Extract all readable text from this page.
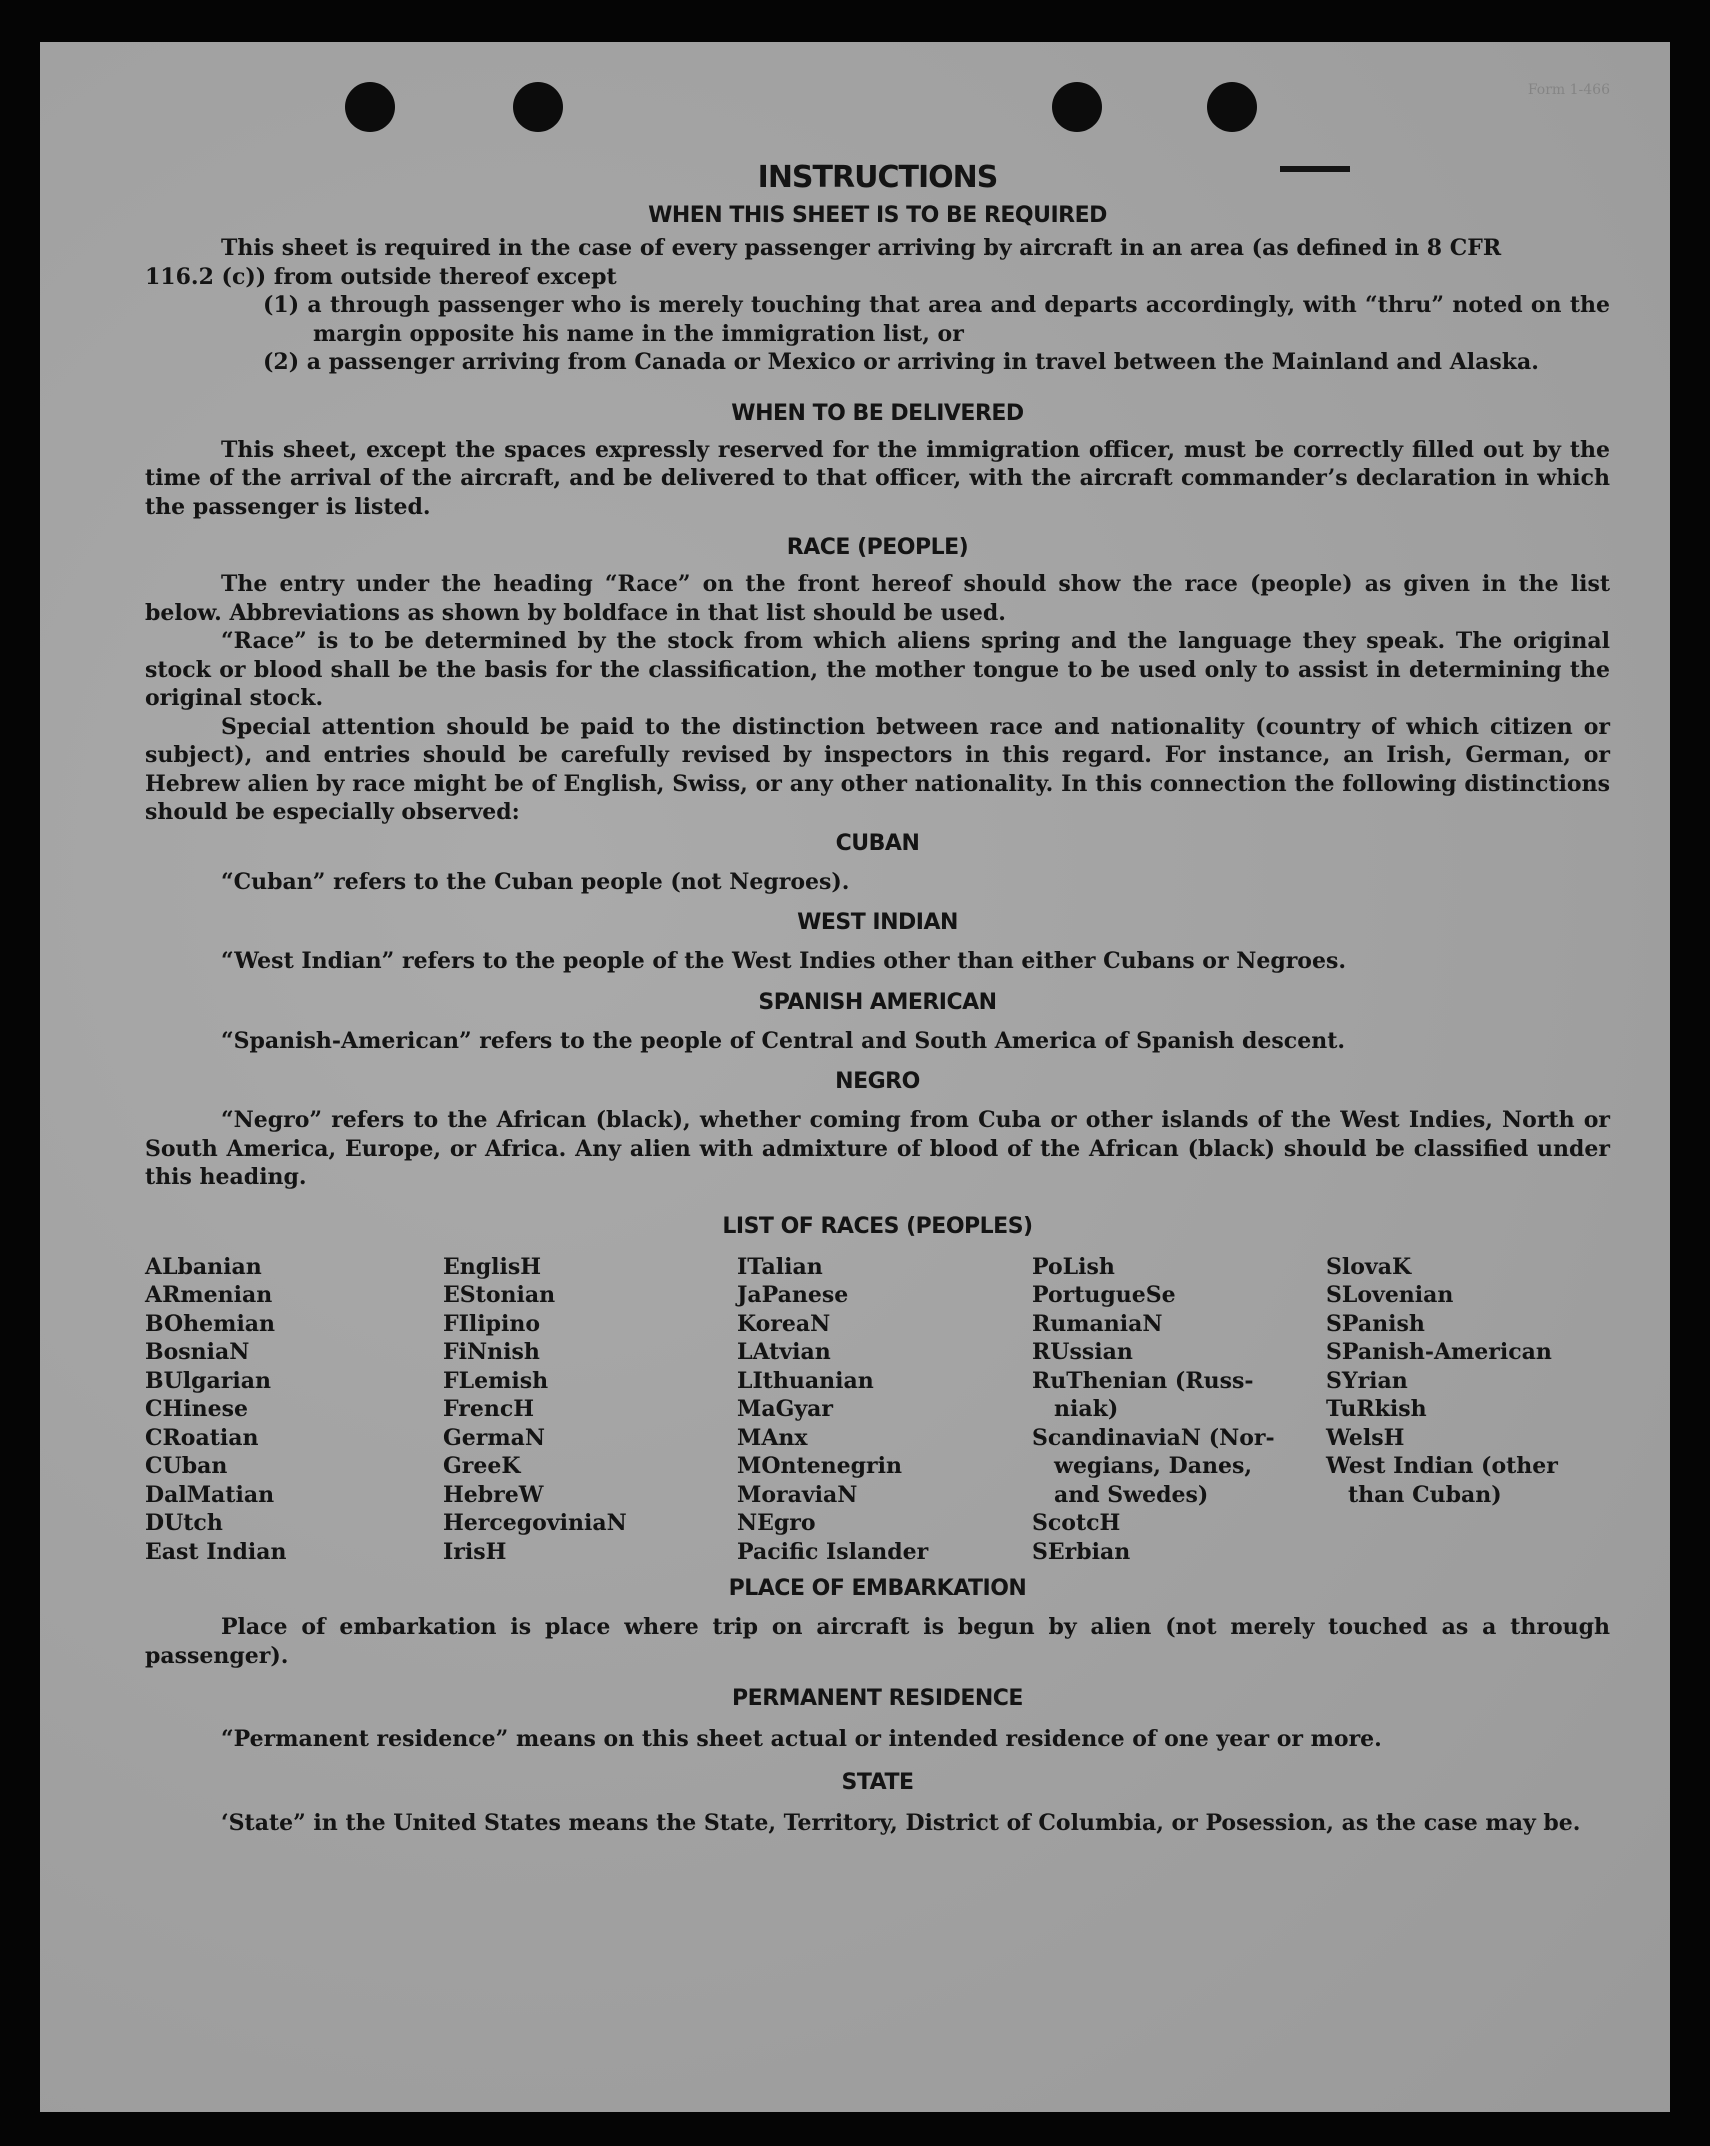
Form 1-466
INSTRUCTIONS
WHEN THIS SHEET IS TO BE REQUIRED

This sheet is required in the case of every passenger arriving by aircraft in an area (as defined in 8 CFR

116.2 (c)) from outside thereof except

(1) a through passenger who is merely touching that area and departs accordingly, with “thru” noted on the margin opposite his name in the immigration list, or

(2) a passenger arriving from Canada or Mexico or arriving in travel between the Mainland and Alaska.

WHEN TO BE DELIVERED

This sheet, except the spaces expressly reserved for the immigration officer, must be correctly filled out by the time of the arrival of the aircraft, and be delivered to that officer, with the aircraft commander’s declaration in which the passenger is listed.

RACE (PEOPLE)

The entry under the heading “Race” on the front hereof should show the race (people) as given in the list below. Abbreviations as shown by boldface in that list should be used.

“Race” is to be determined by the stock from which aliens spring and the language they speak. The original stock or blood shall be the basis for the classification, the mother tongue to be used only to assist in determining the original stock.

Special attention should be paid to the distinction between race and nationality (country of which citizen or subject), and entries should be carefully revised by inspectors in this regard. For instance, an Irish, German, or Hebrew alien by race might be of English, Swiss, or any other nationality. In this connection the following distinctions should be especially observed:

CUBAN

“Cuban” refers to the Cuban people (not Negroes).

WEST INDIAN

“West Indian” refers to the people of the West Indies other than either Cubans or Negroes.

SPANISH AMERICAN

“Spanish-American” refers to the people of Central and South America of Spanish descent.

NEGRO

“Negro” refers to the African (black), whether coming from Cuba or other islands of the West Indies, North or South America, Europe, or Africa. Any alien with admixture of blood of the African (black) should be classified under this heading.

LIST OF RACES (PEOPLES)
ALbanian
ARmenian
BOhemian
BosniaN
BUlgarian
CHinese
CRoatian
CUban
DalMatian
DUtch
East Indian
EnglisH
EStonian
FIlipino
FiNnish
FLemish
FrencH
GermaN
GreeK
HebreW
HercegoviniaN
IrisH
ITalian
JaPanese
KoreaN
LAtvian
LIthuanian
MaGyar
MAnx
MOntenegrin
MoraviaN
NEgro
Pacific Islander
PoLish
PortugueSe
RumaniaN
RUssian
RuThenian (Russ-
niak)
ScandinaviaN (Nor-
wegians, Danes,
and Swedes)
ScotcH
SErbian
SlovaK
SLovenian
SPanish
SPanish-American
SYrian
TuRkish
WelsH
West Indian (other
than Cuban)
PLACE OF EMBARKATION

Place of embarkation is place where trip on aircraft is begun by alien (not merely touched as a through passenger).

PERMANENT RESIDENCE

“Permanent residence” means on this sheet actual or intended residence of one year or more.

STATE

‘State” in the United States means the State, Territory, District of Columbia, or Posession, as the case may be.
